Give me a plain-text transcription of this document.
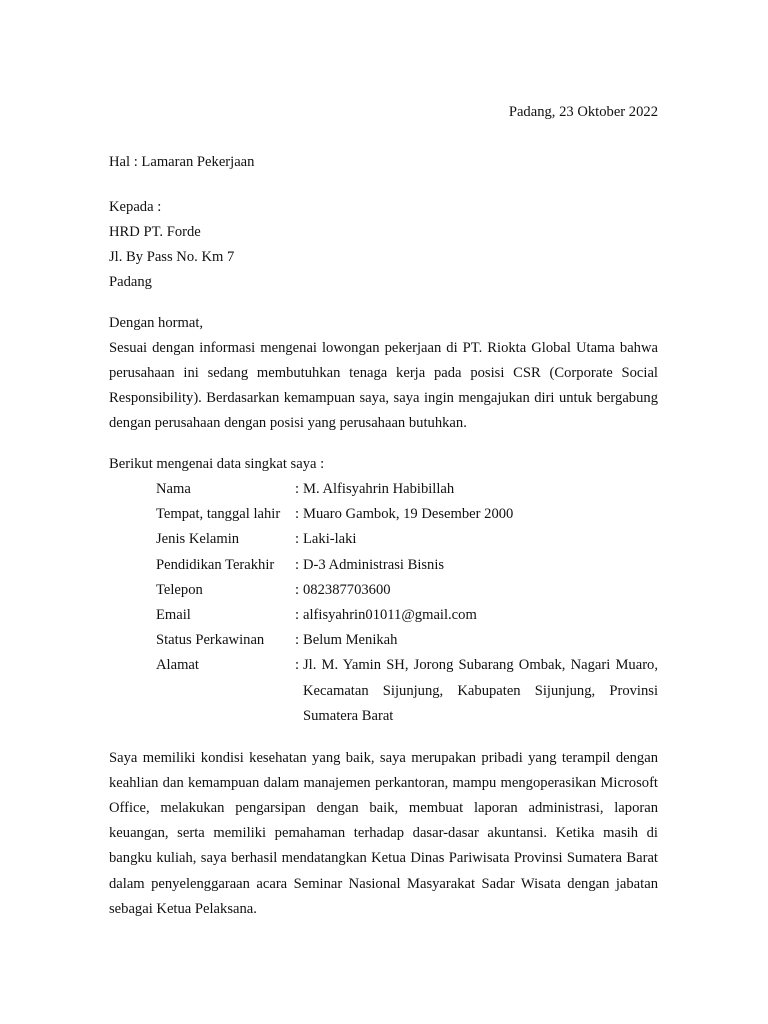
Padang, 23 Oktober 2022

Hal : Lamaran Pekerjaan
Kepada :
HRD PT. Forde
Jl. By Pass No. Km 7
Padang
Dengan hormat,

Sesuai dengan informasi mengenai lowongan pekerjaan di PT. Riokta Global Utama bahwa perusahaan ini sedang membutuhkan tenaga kerja pada posisi CSR (Corporate Social Responsibility). Berdasarkan kemampuan saya, saya ingin mengajukan diri untuk bergabung dengan perusahaan dengan posisi yang perusahaan butuhkan.

Berikut mengenai data singkat saya :
Nama	: M. Alfisyahrin Habibillah

Tempat, tanggal lahir	: Muaro Gambok, 19 Desember 2000

Jenis Kelamin	: Laki-laki

Pendidikan Terakhir	: D-3 Administrasi Bisnis

Telepon	: 082387703600

Email	: alfisyahrin01011@gmail.com

Status Perkawinan	: Belum Menikah

Alamat	: Jl. M. Yamin SH, Jorong Subarang Ombak, Nagari Muaro, Kecamatan Sijunjung, Kabupaten Sijunjung, Provinsi Sumatera Barat

Saya memiliki kondisi kesehatan yang baik, saya merupakan pribadi yang terampil dengan keahlian dan kemampuan dalam manajemen perkantoran, mampu mengoperasikan Microsoft Office, melakukan pengarsipan dengan baik, membuat laporan administrasi, laporan keuangan, serta memiliki pemahaman terhadap dasar-dasar akuntansi. Ketika masih di bangku kuliah, saya berhasil mendatangkan Ketua Dinas Pariwisata Provinsi Sumatera Barat dalam penyelenggaraan acara Seminar Nasional Masyarakat Sadar Wisata dengan jabatan sebagai Ketua Pelaksana.
